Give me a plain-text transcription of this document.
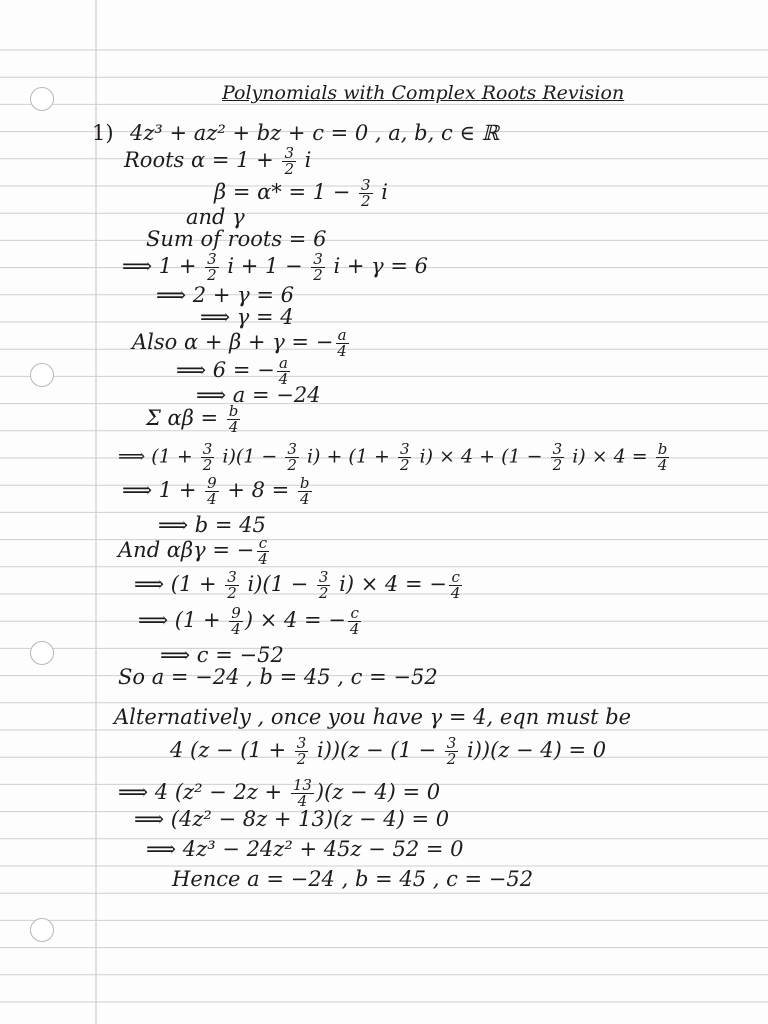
Polynomials with Complex Roots Revision
1) 4z³ + az² + bz + c = 0 , a, b, c ∈ ℝ
Roots $\alpha = 1 + \frac{3}{2}$ i
$\beta = \alpha* = 1 - \frac{3}{2}$ i
and γ
Sum of roots = 6
⟹ $1 + \frac{3}{2}$ $i + 1 - \frac{3}{2}$ i + γ = 6
⟹ 2 + γ = 6
⟹ γ = 4
Also α + β + γ = − $\frac{a}{4}$
⟹ 6 = − $\frac{a}{4}$
⟹ a = −24
Σ $\alpha\beta = \frac{b}{4}$
⟹ $(1 + \frac{3}{2} i)(1 - \frac{3}{2} i) + (1 + \frac{3}{2} i) \times 4 + (1 - \frac{3}{2} i) \times 4 = \frac{b}{4}$
⟹ $1 + \frac{9}{4} + 8 = \frac{b}{4}$
⟹ b = 45
And αβγ = − $\frac{c}{4}$
⟹ $(1 + \frac{3}{2} i)(1 - \frac{3}{2} i) \times 4$ = − $\frac{c}{4}$
⟹ ($1 + \frac{9}{4}$ ) × 4 = − $\frac{c}{4}$
⟹ c = −52
So a = −24 , b = 45 , c = −52
Alternatively , once you have γ = 4, eqn must be
4 $(z - (1 + \frac{3}{2} i))(z - (1 - \frac{3}{2} i))(z - 4) = 0$
⟹ 4 $(z^2 - 2z + \frac{13}{4} )(z - 4) = 0$
⟹ (4z² − 8z + 13)(z − 4) = 0
⟹ 4z³ − 24z² + 45z − 52 = 0
Hence a = −24 , b = 45 , c = −52
